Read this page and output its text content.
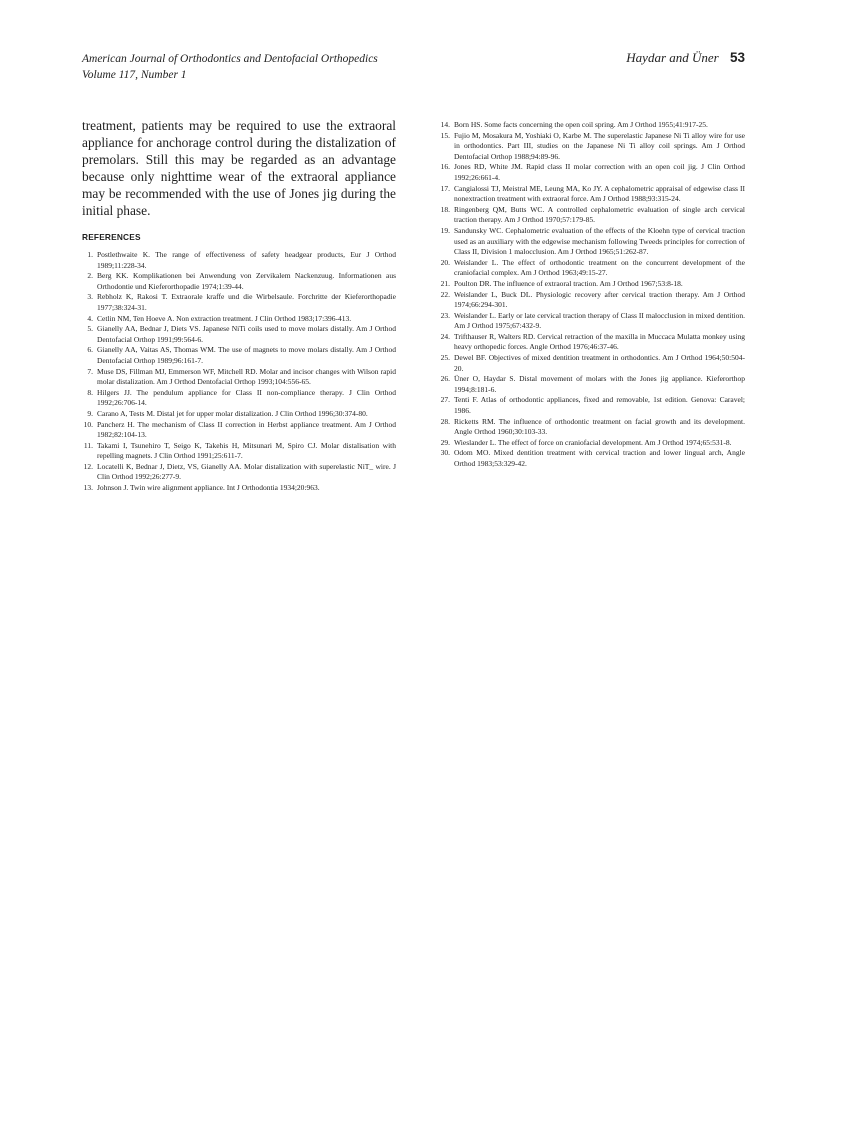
American Journal of Orthodontics and Dentofacial Orthopedics
Volume 117, Number 1
Haydar and Üner 53

treatment, patients may be required to use the extraoral appliance for anchorage control during the distalization of premolars. Still this may be regarded as an advantage because only nighttime wear of the extraoral appliance may be recommended with the use of Jones jig during the initial phase.

REFERENCES
1. Postlethwaite K. The range of effectiveness of safety headgear products, Eur J Orthod 1989;11:228-34.
2. Berg KK. Komplikationen bei Anwendung von Zervikalem Nackenzuug. Informationen aus Orthodontie und Kieferorthopadie 1974;1:39-44.
3. Rebholz K, Rakosi T. Extraorale kraffe und die Wirbelsaule. Forchritte der Kieferorthopadie 1977;38:324-31.
4. Cetlin NM, Ten Hoeve A. Non extraction treatment. J Clin Orthod 1983;17:396-413.
5. Gianelly AA, Bednar J, Diets VS. Japanese NiTi coils used to move molars distally. Am J Orthod Dentofacial Orthop 1991;99:564-6.
6. Gianelly AA, Vaitas AS, Thomas WM. The use of magnets to move molars distally. Am J Orthod Dentofacial Orthop 1989;96:161-7.
7. Muse DS, Fillman MJ, Emmerson WF, Mitchell RD. Molar and incisor changes with Wilson rapid molar distalization. Am J Orthod Dentofacial Orthop 1993;104:556-65.
8. Hilgers JJ. The pendulum appliance for Class II non-compliance therapy. J Clin Orthod 1992;26:706-14.
9. Carano A, Tests M. Distal jet for upper molar distalization. J Clin Orthod 1996;30:374-80.
10. Pancherz H. The mechanism of Class II correction in Herbst appliance treatment. Am J Orthod 1982;82:104-13.
11. Takami I, Tsunehiro T, Seigo K, Takehis H, Mitsunari M, Spiro CJ. Molar distalisation with repelling magnets. J Clin Orthod 1991;25:611-7.
12. Locatelli K, Bednar J, Dietz, VS, Gianelly AA. Molar distalization with superelastic NiT_ wire. J Clin Orthod 1992;26:277-9.
13. Johnson J. Twin wire alignment appliance. Int J Orthodontia 1934;20:963.
14. Born HS. Some facts concerning the open coil spring. Am J Orthod 1955;41:917-25.
15. Fujio M, Mosakura M, Yoshiaki O, Karbe M. The superelastic Japanese Ni Ti alloy wire for use in orthodontics. Part III, studies on the Japanese Ni Ti alloy coil springs. Am J Orthod Dentofacial Orthop 1988;94:89-96.
16. Jones RD, White JM. Rapid class II molar correction with an open coil jig. J Clin Orthod 1992;26:661-4.
17. Cangialossi TJ, Meistral ME, Leung MA, Ko JY. A cephalometric appraisal of edgewise class II nonextraction treatment with extraoral force. Am J Orthod 1988;93:315-24.
18. Ringenberg QM, Butts WC. A controlled cephalometric evaluation of single arch cervical traction therapy. Am J Orthod 1970;57:179-85.
19. Sandunsky WC. Cephalometric evaluation of the effects of the Kloehn type of cervical traction used as an auxiliary with the edgewise mechanism following Tweeds principles for correction of Class II, Division 1 malocclusion. Am J Orthod 1965;51:262-87.
20. Weislander L. The effect of orthodontic treatment on the concurrent development of the craniofacial complex. Am J Orthod 1963;49:15-27.
21. Poulton DR. The influence of extraoral traction. Am J Orthod 1967;53:8-18.
22. Weislander L, Buck DL. Physiologic recovery after cervical traction therapy. Am J Orthod 1974;66:294-301.
23. Weislander L. Early or late cervical traction therapy of Class II malocclusion in mixed dentition. Am J Orthod 1975;67:432-9.
24. Trifthauser R, Walters RD. Cervical retraction of the maxilla in Muccaca Mulatta monkey using heavy orthopedic forces. Angle Orthod 1976;46:37-46.
25. Dewel BF. Objectives of mixed dentition treatment in orthodontics. Am J Orthod 1964;50:504-20.
26. Üner O, Haydar S. Distal movement of molars with the Jones jig appliance. Kieferorthop 1994;8:181-6.
27. Tenti F. Atlas of orthodontic appliances, fixed and removable, 1st edition. Genova: Caravel; 1986.
28. Ricketts RM. The influence of orthodontic treatment on facial growth and its development. Angle Orthod 1960;30:103-33.
29. Wieslander L. The effect of force on craniofacial development. Am J Orthod 1974;65:531-8.
30. Odom MO. Mixed dentition treatment with cervical traction and lower lingual arch, Angle Orthod 1983;53:329-42.
